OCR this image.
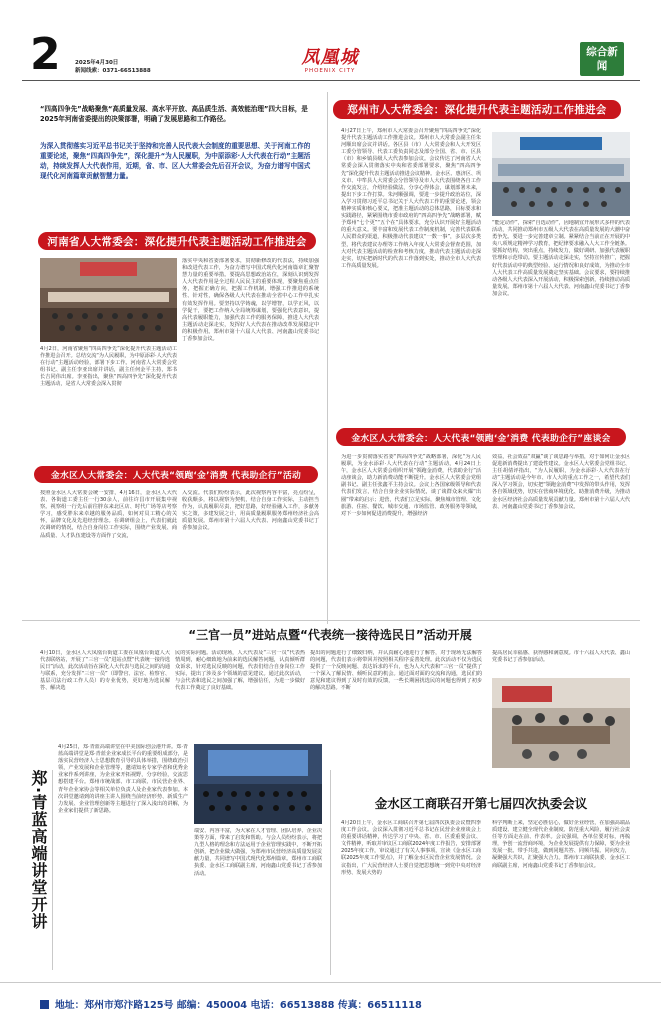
2	2025年4月30日
新闻线索：0371-66513888
凤凰城
PHOENIX CITY
综合新闻
“四高四争先”战略聚焦“高质量发展、高水平开放、高品质生活、高效能治理”四大目标，是2025年河南省委提出的决策部署，明确了发展思路和工作路径。
为深入贯彻落实习近平总书记关于坚持和完善人民代表大会制度的重要思想、关于河南工作的重要论述，聚焦“四高四争先”，深化提升“为人民履职，为中原添彩·人大代表在行动”主题活动，持续发挥人大代表作用，近期，省、市、区人大常委会先后召开会议，为奋力谱写中国式现代化河南篇章贡献智慧力量。
河南省人大常委会：深化提升代表主题活动工作推进会
4月2日，河南省聚焦“四高四争先”深化提升代表主题活动工作推进会召开。总结交流“为人民履职，为中原添彩·人大代表在行动”主题活动经验，部署下步工作。河南省人大常委会党组书记、副主任李亚出席并讲话，副主任何金平主持，郑书长吉同伟出席。李亚指出，聚焦“四高四争先”深化提升代表主题活动，是省人大常委会深入贯彻
落实中央和省委部署要求，贯彻新修改的代表法，持续加强和改进代表工作，为奋力谱写中国式现代化河南篇章汇聚智慧力量的重要举措。要提高思想政治站位，深刻认识到发挥人大代表作用是全过程人民民主的重要体现，要聚焦重点任务，把握正确方向，把握工作机制，增强工作推进的系统性、针对性，确保各级人大代表在推动全省中心工作中扎实有效发挥作用。要坚持以学铸魂，以学增智，以学正风，以学促干，要把工作纳入全局统筹谋划，要强化代表意识，提高代表履职能力，加强代表工作的服务保障，推进人大代表主题活动走深走实，发挥好人大代表在推动改革发展稳定中的积极作用。郑州市第十六届人大代表、河南鑫山党委书记丁香参加会议。
郑州市人大常委会：深化提升代表主题活动工作推进会
4月27日上午，郑州市人大常委会召开聚焦“四高四争先”深化提升代表主题活动工作推进会议。郑州市人大常委会副主任朱河顺出席会议并讲话。各区县（市）人大常委会和人大开发区工委分管领导、代表工委负责同志及部分全国、省、市、区县（市）和乡镇县级人大代表参加会议。会议传达了河南省人大常委会深入贯彻落实中央和省委部署要求，聚焦“四高四争先”深化提升代表主题活动推进会议精神。金水区、惠济区、巩义市、中牟县人大常委会分管领导及市人大代表围绕各自工作作交流发言，介绍经验做法，分享心得体会，谋划部署未来，提出下步工作打算。朱河顺强调，要进一步提升政治站位，深入学习贯彻习近平总书记关于人大代表工作的重要论述，领会精神实质和核心要义，把准主题活动的总体思路，目标要求和实践路径，紧紧围绕市委市政府的“四高四争先”战略部署，赋予郑州“七个更”“五个在”具体要求，充分认识开展好主题活动的重大意义。要丰富和发展代表工作制度机制，完善代表联系人民群众的渠道，积极推动代表建议“一数一事”，多层次多类型，将代表建议办理等工作纳入年度人大常委会督查范围，加大对代表主题活动的检查和考核力度，推动代表主题活动走深走实，切实把新时代的代表工作落到实处，推动全市人大代表工作高质量发展。
“能定动作”，探索“自选动作”，因地制宜开展形式多样的代表活动，共同推动郑州市五级人大代表在高质量发展的大潮中奋勇争先。要进一步完善建章立制。紧紧结合当前正在开展的中央八项规定精神学习教育，把纪律要求融入人大工作全链条。要抓好结构，突出重点，持续发力，做好调研、加强代表履职管理和示范带动。要主题活动走深走实，坚持宣传推广，把握好代表活动中的典型经验、运行情况和良好成效，为推动全市人大代表工作高质量发展奠定坚实基础。会议要求，要持续推动各级人大代表深入开展活动，积极探索创新，持续推动高质量发展。郑州市第十六届人大代表、河南鑫山党委书记丁香参加会议。
金水区人大常委会：人大代表“领跑‘金’消费 代表助企行”座谈会
为进一步贯彻落实省委“四高四争先”战略部署，深化“为人民履职，为金水添彩·人大代表在行动”主题活动，4月24日上午，金水区人大常委会组织开展“领跑金消费，代表助企行”活动座谈会，助力新消费动能不断提升。金水区人大常委会党组副书记、副主任张鑫平主持会议。会议上各国家级领导和代表代表们发言，结合自身企业实际情况，谈了谈群众来火爆“出圈”带来的启示；进营，代表们立足实际，聚焦城市管理、文化旅游、住宿、餐饮、城市交通、市场监管、政务服务等领域，对下一步如何促进消费提升，增强经济
效益，社会效益“双赢”谈了谈思路与举措，对于如何让金水区促进新消费提出了建设性建议。金水区人大常委会党组书记、主任胡倩评指出，“为人民履职，为金水添彩·人大代表在行动”主题活动是今年市、市人大的重点工作之一，希望代表们深入学习领会，切实把“领跑金消费”中发挥的带头作用，发挥各自领域优势，切实在营商环境优化、助推消费升级，为推动金水区经济社会高质量发展贡献力量。郑州市第十六届人大代表、河南鑫山党委书记丁香参加会议。
金水区人大常委会：人大代表“领跑‘金’消费 代表助企行”活动
按照金水区人大常委会统一安排，4月16日，金水区人大代表、各街道工委主任一行30余人，前往许昌市开展集中视察。视察组一行先后前往胖东来北区店、时代广场等店考察学习，感受胖东来卓越的服务品质，如何对员工精心的关怀，品牌文化及先进经营理念。在调研组会上，代表们就此次调研的情况，结合自身岗位工作实际，围绕产业发展、商品质量、人才队伍建设等方面作了交流，
入交流。代表们纷纷表示，此次视察内容丰富，亮点纷呈，收获颇多，将以视察为契机，结合自身工作实际，主动担当作为，认真履职尽责，把好思路，好经验融入工作，多献务实之策，多建发展之计，用高质量履职服务郑州经济社会高质量发展。郑州市第十六届人大代表、河南鑫山党委书记丁香参加会议。
“三官一员”进站点暨“代表统一接待选民日”活动开展
4月10日，金水区人大凤凰台街道工委在凤凰台街道人大代表联络站，开展了“三官一员”进站点暨“代表统一接待选民日”活动，此次活动旨在深化人大代表与选民之间的沟通与联系，充分发挥“三官一员”（即警官、法官、检察官、基层司法行政工作人员）的专业优势，更好地为选民解答、解决选
民的实际问题。活动现场，人大代表及“三官一员”代表热情周到，耐心细致地为前来的选民解答问题，认真倾听群众诉求，针对选民反映的问题，代表们结合自身岗位工作实际，提出了涉及多个领域的意见建议。通过此次活动，与会代表和选民之间加强了解，增强信任，为进一步做好代表工作奠定了良好基础。
提出的问题进行了细致归纳，并认真耐心地进行了解答，对于现场无法解答的问题，代表们表示将带回并按照相关程序妥善处理。此次活动不仅为选民提供了一个反映问题、表达诉求的平台，也为人大代表和“三官一员”提供了一个深入了解民情、倾听民意的机会。通过面对面的交流和沟通，选民们的意见和建议得到了及时有效的反馈，一些长期困扰选民的问题也得到了初步的解决思路。不断
提高居民幸福感、获得感和满意度。市十六届人大代表、鑫山党委书记丁香参加活动。
郑·青蓝高端讲堂开讲
4月25日，郑·青蓝高端讲堂在中美国际创会港开讲。郑·青蓝高端讲堂是郑·青蓝企业家成长平台的重要组成部分，是落实民营经济人士思想教育引导的具体举措，围绕政治引领，产业发展和企业管理等，邀请知名专家学者和优秀企业家作系列讲座，为企业家开拓视野，分享经验，交流思想搭建平台。郑州市统战部、市工商联、市民营企业界、青年企业家协会等相关单位负责人及企业家代表参加。本次讲堂邀请到的讲座主讲人围绕当前经济形势、新质生产力发展、企业管理创新等主题进行了深入浅出的讲解，为企业家们提供了新思路。
端安、内容丰富，为大家在人才管理、团队培养、企业决策等方面，带来了启发和帮助。与会人员纷纷表示，将把九型人格的理念和方法运用于企业管理实践中，不断开拓创新，把企业做大做强，为郑州市民营经济高质量发展贡献力量，共同谱写中国式现代化郑州篇章。郑州市工商联执委、金水区工商联副主席，河南鑫山党委书记丁香参加活动。
金水区工商联召开第七届四次执委会议
4月20日上午，金水区工商联召开第七届四次执委会议暨四季度工作会议。会议深入贯彻习近平总书记在民营企业座谈会上的重要讲话精神，传达学习了中央、省、市、区委重要会议、文件精神，听取并审议区工商联2024年度工作报告，安排部署2025年度工作，审议通过了有关人事事项，宣读《金水区工商联2025年度工作要点》，并了解金水区民营企业发展情况。会议指出，广大民营经济人士要自觉把思想统一到党中央对经济形势、发展大势的
科学判断上来，坚定必胜信心，做好企业经营，在加强高端品质建设、建立健全现代企业制度、防范重大风险，履行社会责任等方面走在前、作表率。会议强调，各单位要对标，再梳理，争创一流营商环境，为企业发展提供有力保障，要为企业发展一批、带手共进，做到同题共答、同频共振、同向发力，凝聚强大共识，汇聚强大合力。郑州市工商联执委、金水区工商联副主席，河南鑫山党委书记丁香参加会议。
地址：郑州市郑汴路125号 邮编：450004 电话：66513888 传真：66511118
